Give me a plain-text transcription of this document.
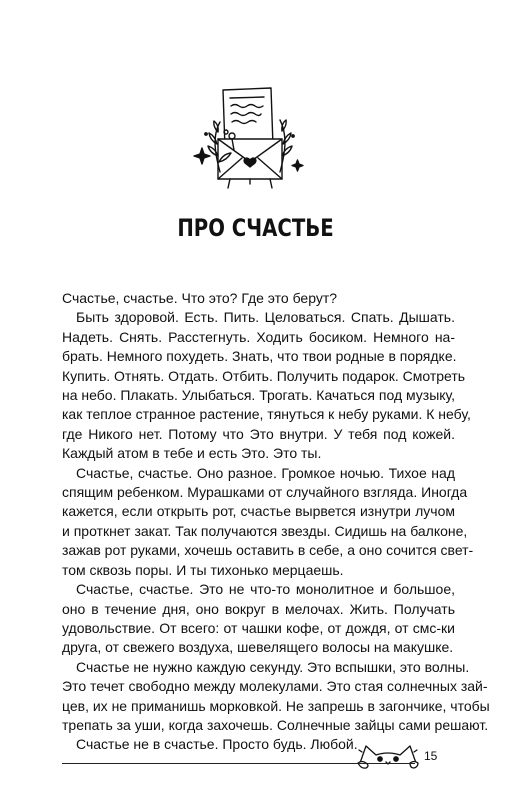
ПРО СЧАСТЬЕ
Счастье, счастье. Что это? Где это берут?
Быть здоровой. Есть. Пить. Целоваться. Спать. Дышать.
Надеть. Снять. Расстегнуть. Ходить босиком. Немного на-
брать. Немного похудеть. Знать, что твои родные в порядке.
Купить. Отнять. Отдать. Отбить. Получить подарок. Смотреть
на небо. Плакать. Улыбаться. Трогать. Качаться под музыку,
как теплое странное растение, тянуться к небу руками. К небу,
где Никого нет. Потому что Это внутри. У тебя под кожей.
Каждый атом в тебе и есть Это. Это ты.
Счастье, счастье. Оно разное. Громкое ночью. Тихое над
спящим ребенком. Мурашками от случайного взгляда. Иногда
кажется, если открыть рот, счастье вырвется изнутри лучом
и проткнет закат. Так получаются звезды. Сидишь на балконе,
зажав рот руками, хочешь оставить в себе, а оно сочится свет-
том сквозь поры. И ты тихонько мерцаешь.
Счастье, счастье. Это не что-то монолитное и большое,
оно в течение дня, оно вокруг в мелочах. Жить. Получать
удовольствие. От всего: от чашки кофе, от дождя, от смс-ки
друга, от свежего воздуха, шевелящего волосы на макушке.
Счастье не нужно каждую секунду. Это вспышки, это волны.
Это течет свободно между молекулами. Это стая солнечных зай-
цев, их не приманишь морковкой. Не запрешь в загончике, чтобы
трепать за уши, когда захочешь. Солнечные зайцы сами решают.
Счастье не в счастье. Просто будь. Любой.
15
